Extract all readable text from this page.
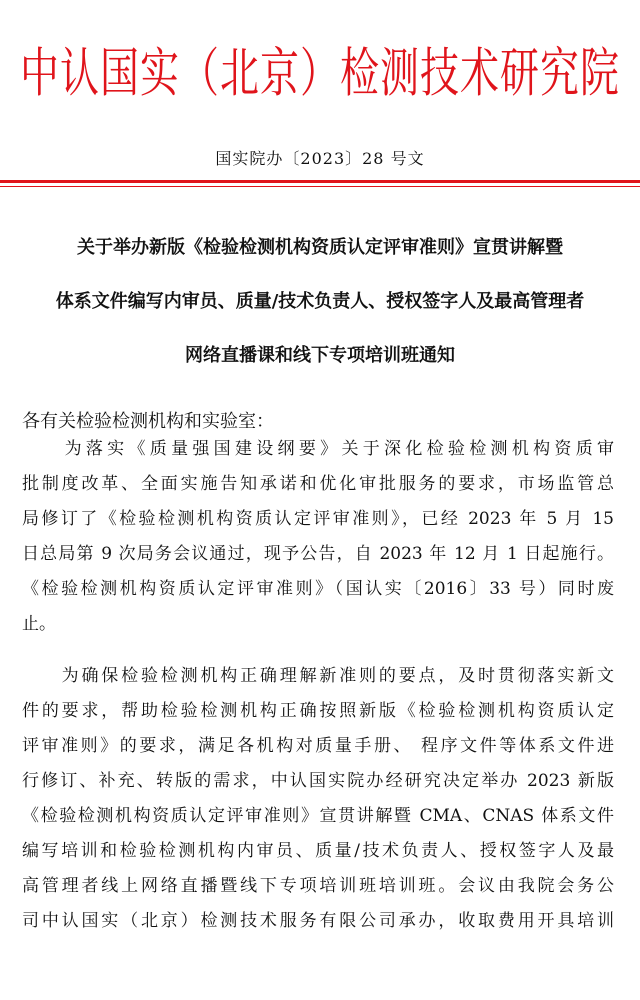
中认国实（北京）检测技术研究院
国实院办〔2023〕28 号文
关于举办新版《检验检测机构资质认定评审准则》宣贯讲解暨
体系文件编写内审员、质量/技术负责人、授权签字人及最高管理者
网络直播课和线下专项培训班通知
各有关检验检测机构和实验室：
　　为落实《质量强国建设纲要》关于深化检验检测机构资质审
批制度改革、全面实施告知承诺和优化审批服务的要求，市场监管总
局修订了《检验检测机构资质认定评审准则》，已经 2023 年 5 月 15
日总局第 9 次局务会议通过，现予公告，自 2023 年 12 月 1 日起施行。
《检验检测机构资质认定评审准则》（国认实〔2016〕33 号）同时废
止。
　　为确保检验检测机构正确理解新准则的要点，及时贯彻落实新文
件的要求，帮助检验检测机构正确按照新版《检验检测机构资质认定
评审准则》的要求，满足各机构对质量手册、 程序文件等体系文件进
行修订、补充、转版的需求，中认国实院办经研究决定举办 2023 新版
《检验检测机构资质认定评审准则》宣贯讲解暨 CMA、CNAS 体系文件
编写培训和检验检测机构内审员、质量/技术负责人、授权签字人及最
高管理者线上网络直播暨线下专项培训班培训班。会议由我院会务公
司中认国实（北京）检测技术服务有限公司承办，收取费用开具培训
